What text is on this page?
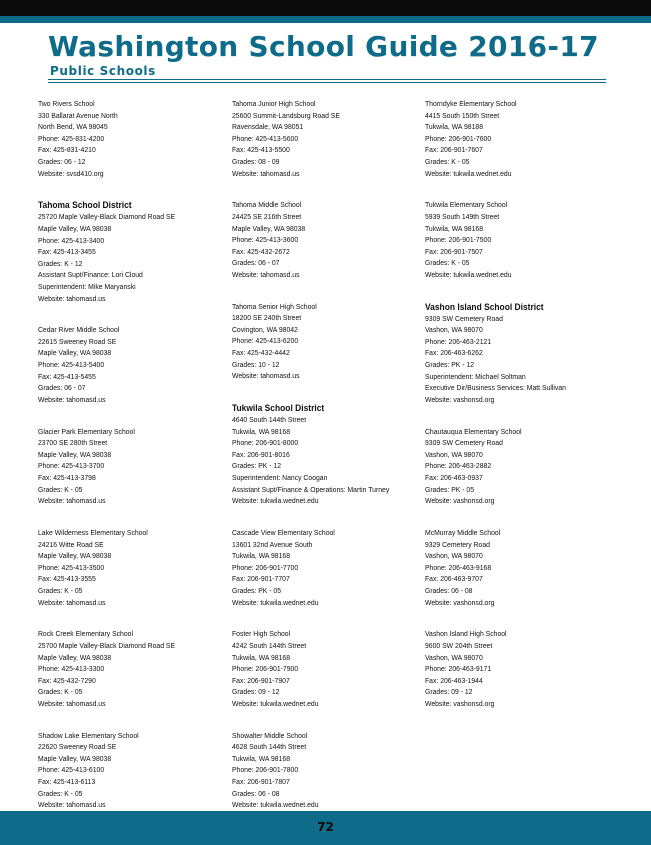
Washington School Guide 2016-17
Public Schools
Two Rivers School
330 Ballarat Avenue North
North Bend, WA 98045
Phone: 425-831-4200
Fax: 425-831-4210
Grades: 06 - 12
Website: svsd410.org
Tahoma School District
25720 Maple Valley-Black Diamond Road SE
Maple Valley, WA 98038
Phone: 425-413-3400
Fax: 425-413-3455
Grades: K - 12
Assistant Supt/Finance: Lori Cloud
Superintendent: Mike Maryanski
Website: tahomasd.us
Cedar River Middle School
22615 Sweeney Road SE
Maple Valley, WA 98038
Phone: 425-413-5400
Fax: 425-413-5455
Grades: 06 - 07
Website: tahomasd.us
Glacier Park Elementary School
23700 SE 280th Street
Maple Valley, WA 98038
Phone: 425-413-3700
Fax: 425-413-3798
Grades: K - 05
Website: tahomasd.us
Lake Wilderness Elementary School
24216 Witte Road SE
Maple Valley, WA 98038
Phone: 425-413-3500
Fax: 425-413-3555
Grades: K - 05
Website: tahomasd.us
Rock Creek Elementary School
25700 Maple Valley-Black Diamond Road SE
Maple Valley, WA 98038
Phone: 425-413-3300
Fax: 425-432-7290
Grades: K - 05
Website: tahomasd.us
Shadow Lake Elementary School
22620 Sweeney Road SE
Maple Valley, WA 98038
Phone: 425-413-6100
Fax: 425-413-6113
Grades: K - 05
Website: tahomasd.us
Tahoma Junior High School
25600 Summit-Landsburg Road SE
Ravensdale, WA 98051
Phone: 425-413-5600
Fax: 425-413-5500
Grades: 08 - 09
Website: tahomasd.us
Tahoma Middle School
24425 SE 216th Street
Maple Valley, WA 98038
Phone: 425-413-3600
Fax: 425-432-2672
Grades: 06 - 07
Website: tahomasd.us
Tahoma Senior High School
18200 SE 240th Street
Covington, WA 98042
Phone: 425-413-6200
Fax: 425-432-4442
Grades: 10 - 12
Website: tahomasd.us
Tukwila School District
4640 South 144th Street
Tukwila, WA 98168
Phone: 206-901-8000
Fax: 206-901-8016
Grades: PK - 12
Superintendent: Nancy Coogan
Assistant Supt/Finance & Operations: Martin Turney
Website: tukwila.wednet.edu
Cascade View Elementary School
13601 32nd Avenue South
Tukwila, WA 98168
Phone: 206-901-7700
Fax: 206-901-7707
Grades: PK - 05
Website: tukwila.wednet.edu
Foster High School
4242 South 144th Street
Tukwila, WA 98168
Phone: 206-901-7900
Fax: 206-901-7907
Grades: 09 - 12
Website: tukwila.wednet.edu
Showalter Middle School
4628 South 144th Street
Tukwila, WA 98168
Phone: 206-901-7800
Fax: 206-901-7807
Grades: 06 - 08
Website: tukwila.wednet.edu
Thorndyke Elementary School
4415 South 150th Street
Tukwila, WA 98188
Phone: 206-901-7600
Fax: 206-901-7607
Grades: K - 05
Website: tukwila.wednet.edu
Tukwila Elementary School
5939 South 149th Street
Tukwila, WA 98168
Phone: 206-901-7500
Fax: 206-901-7507
Grades: K - 05
Website: tukwila.wednet.edu
Vashon Island School District
9309 SW Cemetery Road
Vashon, WA 98070
Phone: 206-463-2121
Fax: 206-463-6262
Grades: PK - 12
Superintendent: Michael Soltman
Executive Dir/Business Services: Matt Sullivan
Website: vashonsd.org
Chautauqua Elementary School
9309 SW Cemetery Road
Vashon, WA 98070
Phone: 206-463-2882
Fax: 206-463-0937
Grades: PK - 05
Website: vashonsd.org
McMurray Middle School
9329 Cemetery Road
Vashon, WA 98070
Phone: 206-463-9168
Fax: 206-463-9707
Grades: 06 - 08
Website: vashonsd.org
Vashon Island High School
9600 SW 204th Street
Vashon, WA 98070
Phone: 206-463-9171
Fax: 206-463-1944
Grades: 09 - 12
Website: vashonsd.org
72
